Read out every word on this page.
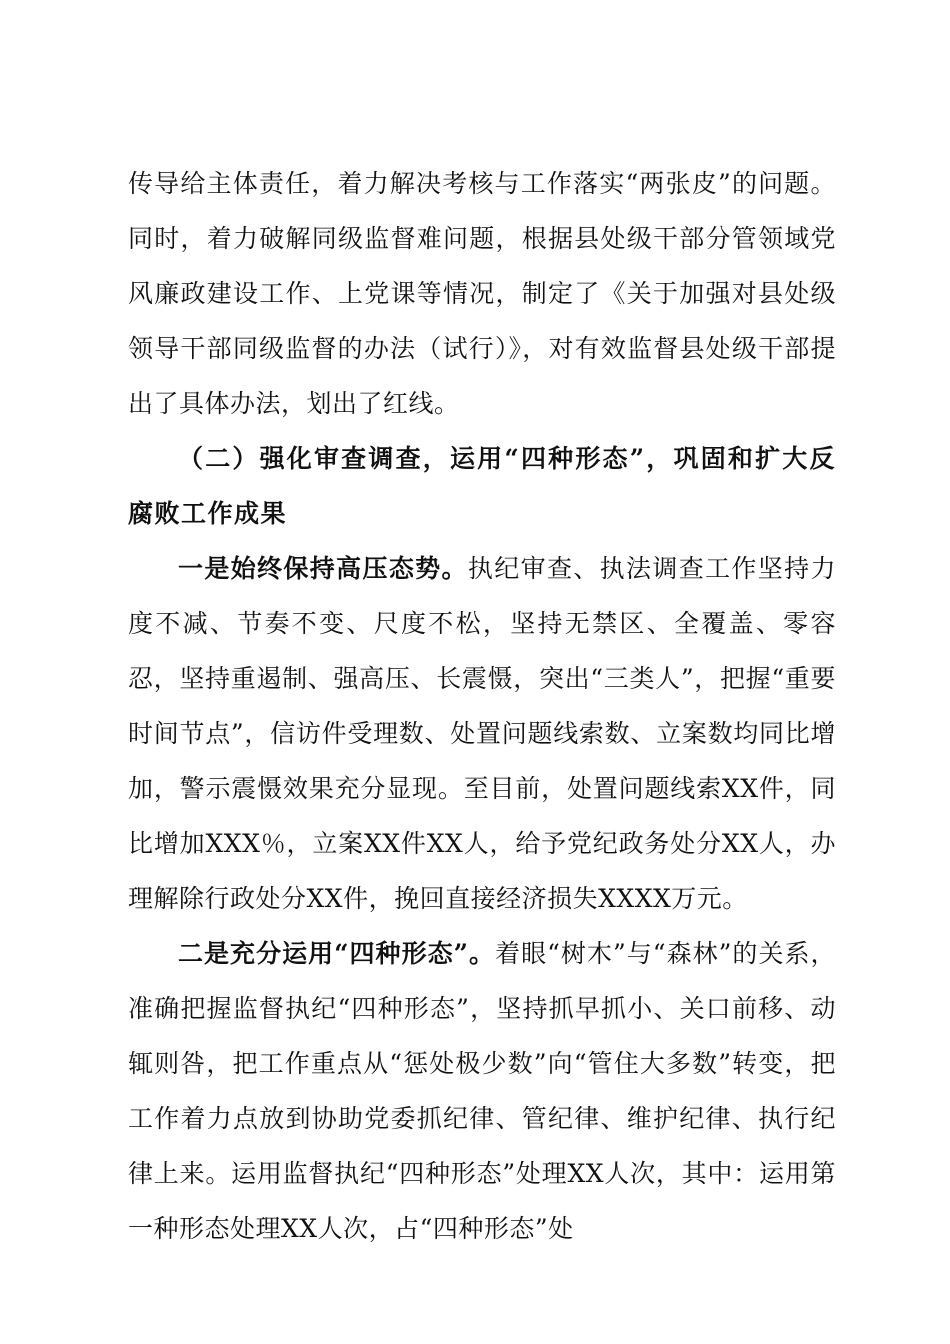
传导给主体责任，着力解决考核与工作落实“两张皮”的问题。同时，着力破解同级监督难问题，根据县处级干部分管领域党风廉政建设工作、上党课等情况，制定了《关于加强对县处级领导干部同级监督的办法（试行）》，对有效监督县处级干部提出了具体办法，划出了红线。

（二）强化审查调查，运用“四种形态”，巩固和扩大反腐败工作成果

一是始终保持高压态势。执纪审查、执法调查工作坚持力度不减、节奏不变、尺度不松，坚持无禁区、全覆盖、零容忍，坚持重遏制、强高压、长震慑，突出“三类人”，把握“重要时间节点”，信访件受理数、处置问题线索数、立案数均同比增加，警示震慑效果充分显现。至目前，处置问题线索XX件，同比增加XXX％，立案XX件XX人，给予党纪政务处分XX人，办理解除行政处分XX件，挽回直接经济损失XXXX万元。

二是充分运用“四种形态”。着眼“树木”与“森林”的关系，准确把握监督执纪“四种形态”，坚持抓早抓小、关口前移、动辄则咎，把工作重点从“惩处极少数”向“管住大多数”转变，把工作着力点放到协助党委抓纪律、管纪律、维护纪律、执行纪律上来。运用监督执纪“四种形态”处理XX人次，其中：运用第一种形态处理XX人次，占“四种形态”处
